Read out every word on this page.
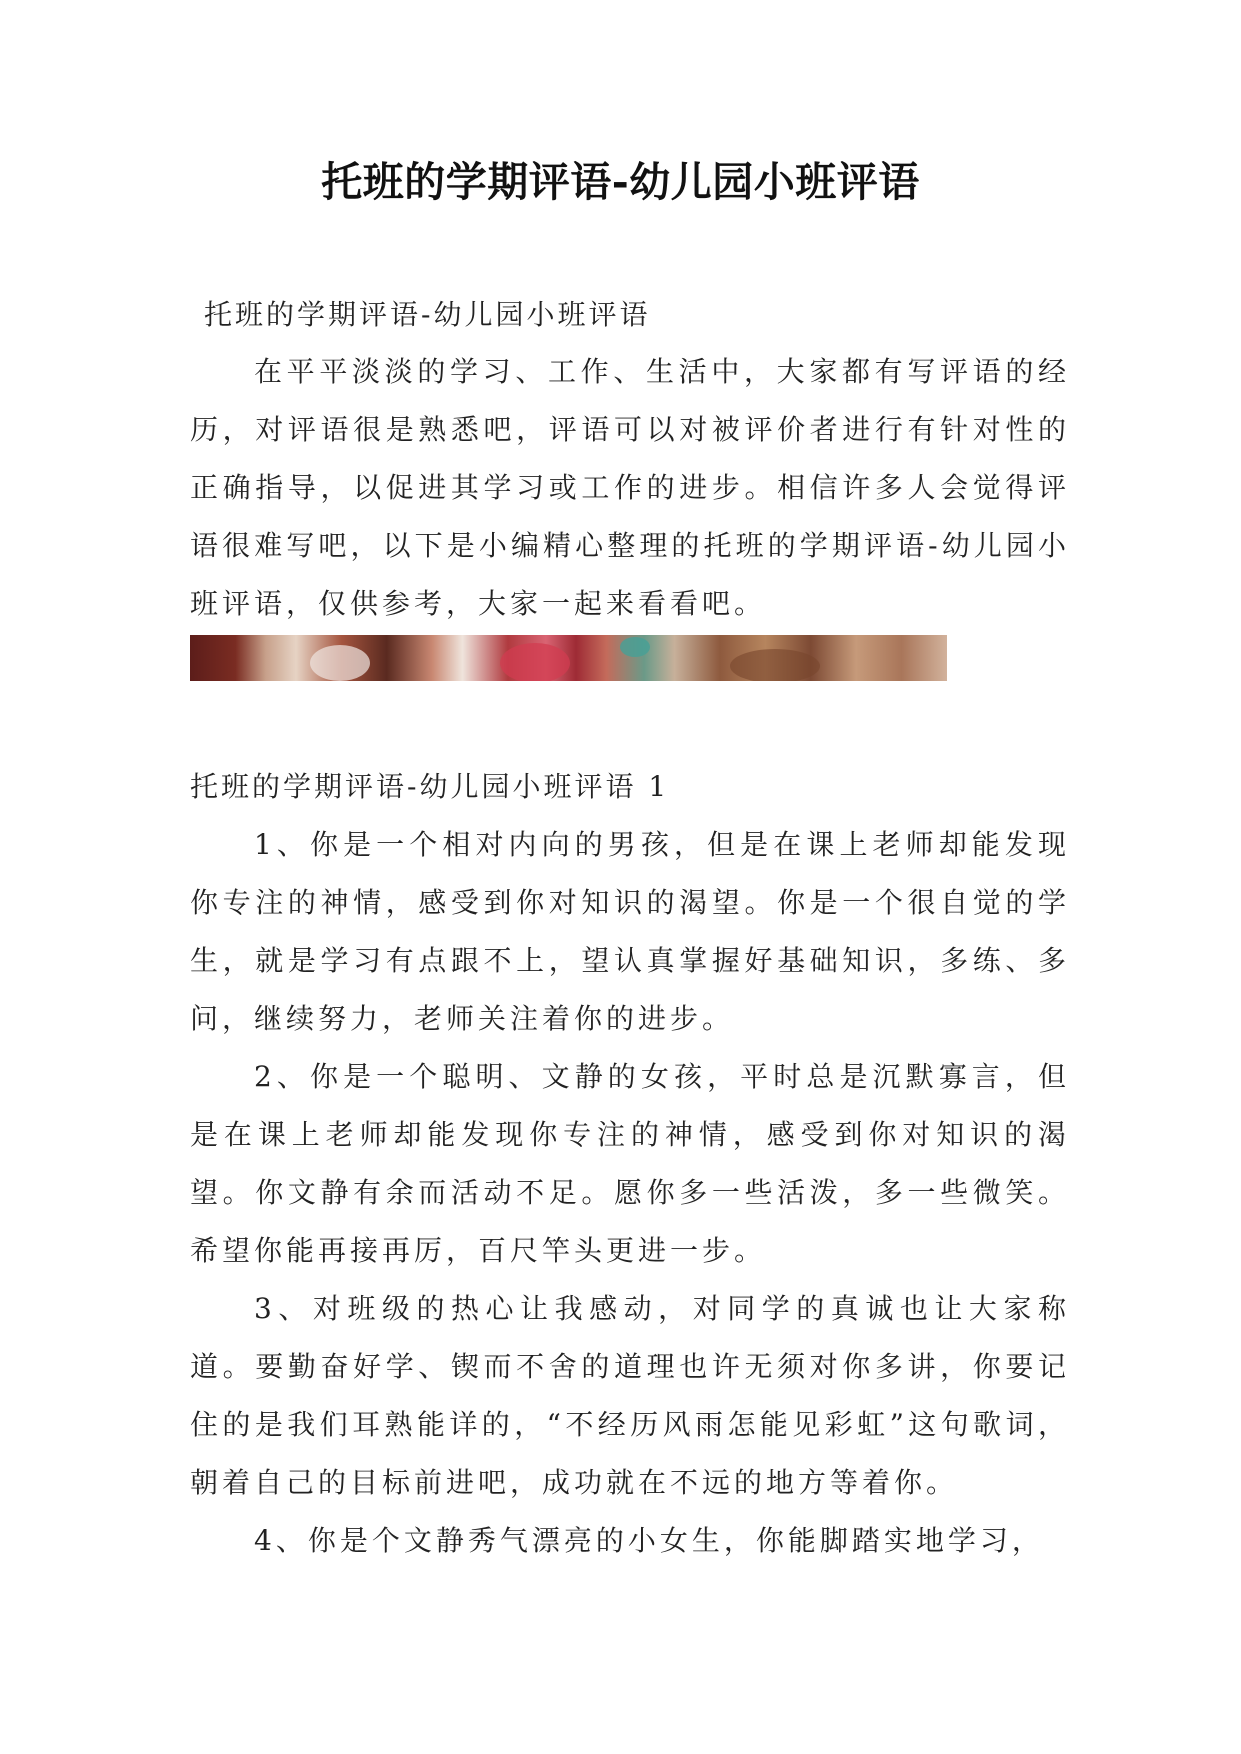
托班的学期评语-幼儿园小班评语
托班的学期评语-幼儿园小班评语

在平平淡淡的学习、工作、生活中，大家都有写评语的经历，对评语很是熟悉吧，评语可以对被评价者进行有针对性的正确指导，以促进其学习或工作的进步。相信许多人会觉得评语很难写吧，以下是小编精心整理的托班的学期评语-幼儿园小班评语，仅供参考，大家一起来看看吧。

托班的学期评语-幼儿园小班评语 1

1、你是一个相对内向的男孩，但是在课上老师却能发现你专注的神情，感受到你对知识的渴望。你是一个很自觉的学生，就是学习有点跟不上，望认真掌握好基础知识，多练、多问，继续努力，老师关注着你的进步。

2、你是一个聪明、文静的女孩，平时总是沉默寡言，但是在课上老师却能发现你专注的神情，感受到你对知识的渴望。你文静有余而活动不足。愿你多一些活泼，多一些微笑。希望你能再接再厉，百尺竿头更进一步。

3、对班级的热心让我感动，对同学的真诚也让大家称道。要勤奋好学、锲而不舍的道理也许无须对你多讲，你要记住的是我们耳熟能详的，“不经历风雨怎能见彩虹”这句歌词，朝着自己的目标前进吧，成功就在不远的地方等着你。

4、你是个文静秀气漂亮的小女生，你能脚踏实地学习，
